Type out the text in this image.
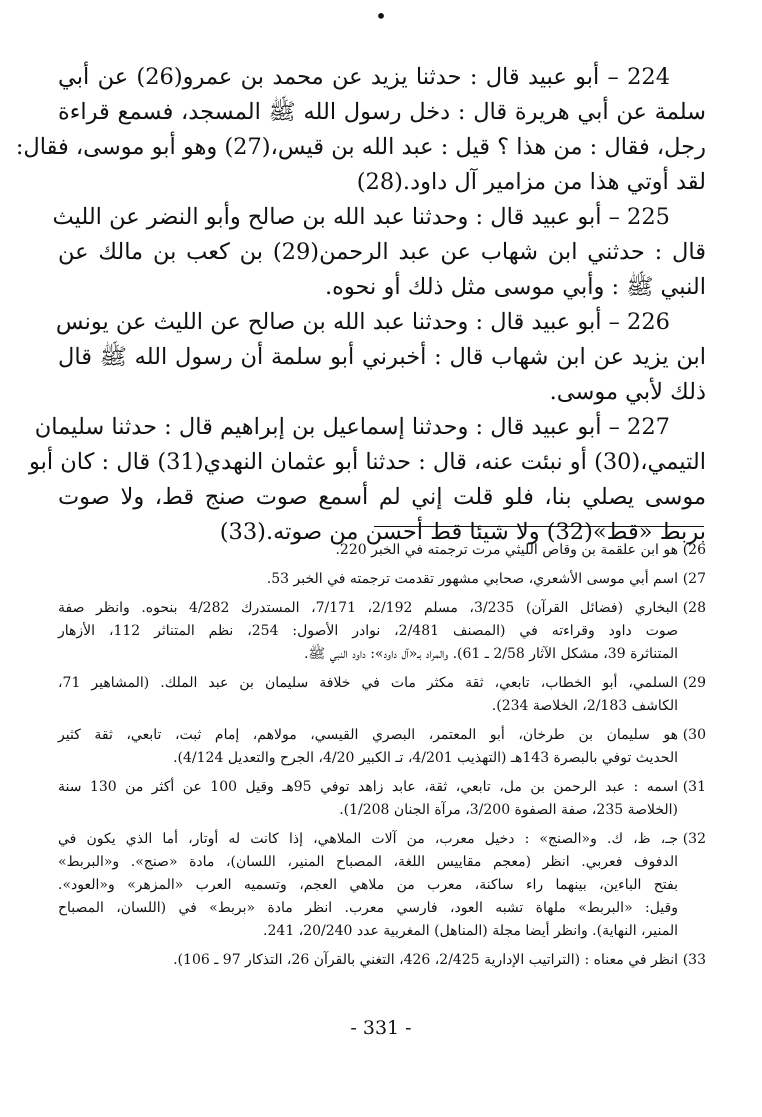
•
224 – أبو عبيد قال : حدثنا يزيد عن محمد بن عمرو(26) عن أبي
سلمة عن أبي هريرة قال : دخل رسول الله ﷺ المسجد، فسمع قراءة
رجل، فقال : من هذا ؟ قيل : عبد الله بن قيس،(27) وهو أبو موسى، فقال:
لقد أوتي هذا من مزامير آل داود.(28)
225 – أبو عبيد قال : وحدثنا عبد الله بن صالح وأبو النضر عن الليث
قال : حدثني ابن شهاب عن عبد الرحمن(29) بن كعب بن مالك عن
النبي ﷺ : وأبي موسى مثل ذلك أو نحوه.
226 – أبو عبيد قال : وحدثنا عبد الله بن صالح عن الليث عن يونس
ابن يزيد عن ابن شهاب قال : أخبرني أبو سلمة أن رسول الله ﷺ قال
ذلك لأبي موسى.
227 – أبو عبيد قال : وحدثنا إسماعيل بن إبراهيم قال : حدثنا سليمان
التيمي،(30) أو نبئت عنه، قال : حدثنا أبو عثمان النهدي(31) قال : كان أبو
موسى يصلي بنا، فلو قلت إني لم أسمع صوت صنج قط، ولا صوت
بربط «قط»(32) ولا شيئا قط أحسن من صوته.(33)
26)
هو ابن علقمة بن وقاص الليثي مرت ترجمته في الخبر 220.
27)
اسم أبي موسى الأشعري، صحابي مشهور تقدمت ترجمته في الخبر 53.
28)
البخاري (فضائل القرآن) 3/235، مسلم 2/192، 7/171، المستدرك 4/282 بنحوه. وانظر صفة
صوت داود وقراءته في (المصنف 2/481، نوادر الأصول: 254، نظم المتناثر 112، الأزهار
المتناثرة 39، مشكل الآثار 2/58 ـ 61). والمراد بـ«آل داود»: داود النبي ﷺ.
29)
السلمي، أبو الخطاب، تابعي، ثقة مكثر مات في خلافة سليمان بن عبد الملك. (المشاهير 71،
الكاشف 2/183، الخلاصة 234).
30)
هو سليمان بن طرخان، أبو المعتمر، البصري القيسي، مولاهم، إمام ثبت، تابعي، ثقة كثير
الحديث توفي بالبصرة 143هـ (التهذيب 4/201، تـ الكبير 4/20، الجرح والتعديل 4/124).
31)
اسمه : عبد الرحمن بن مل، تابعي، ثقة، عابد زاهد توفي 95هـ وقيل 100 عن أكثر من 130 سنة
(الخلاصة 235، صفة الصفوة 3/200، مرآة الجنان 1/208).
32)
جـ، ظ، ك. و«الصنج» : دخيل معرب، من آلات الملاهي، إذا كانت له أوتار، أما الذي يكون في
الدفوف فعربي. انظر (معجم مقاييس اللغة، المصباح المنير، اللسان)، مادة «صنج». و«البربط»
بفتح الباءين، بينهما راء ساكنة، معرب من ملاهي العجم، وتسميه العرب «المزهر» و«العود».
وقيل: «البربط» ملهاة تشبه العود، فارسي معرب. انظر مادة «بربط» في (اللسان، المصباح
المنير، النهاية). وانظر أيضا مجلة (المناهل) المغربية عدد 20/240، 241.
33)
انظر في معناه : (التراتيب الإدارية 2/425، 426، التغني بالقرآن 26، التذكار 97 ـ 106).
- 331 -
